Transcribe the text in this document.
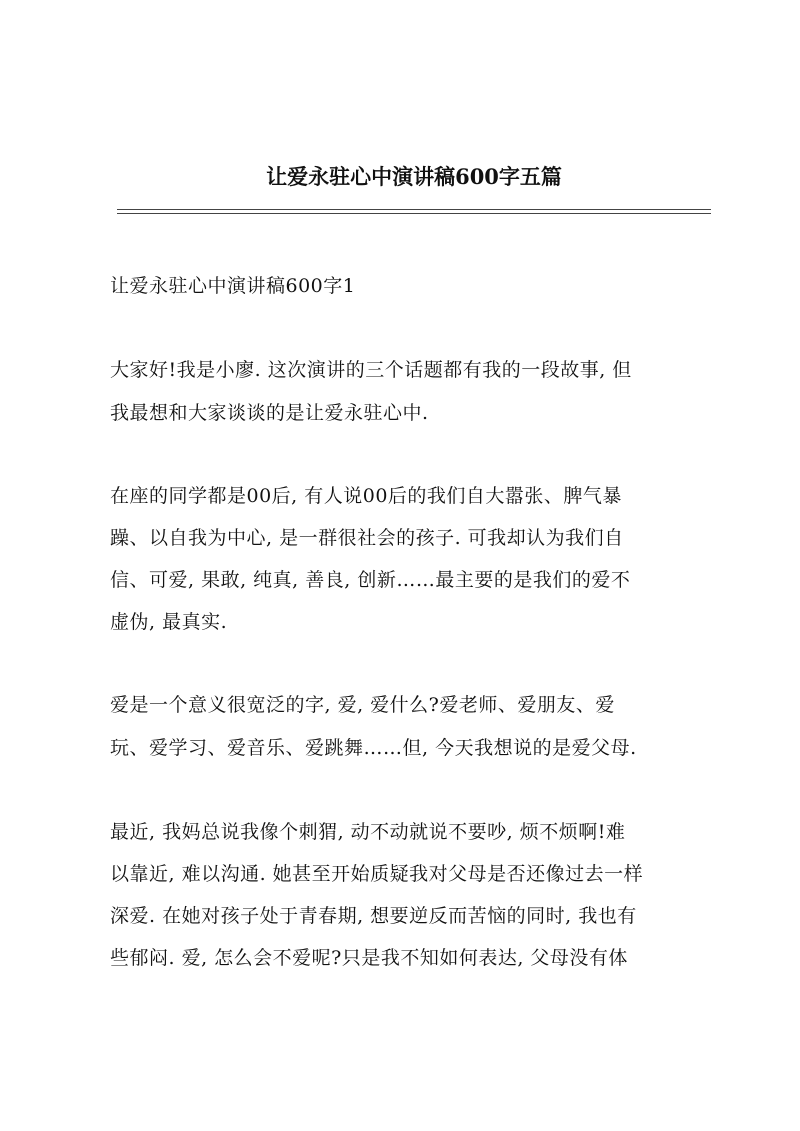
让爱永驻心中演讲稿600字五篇
让爱永驻心中演讲稿600字1
大家好!我是小廖. 这次演讲的三个话题都有我的一段故事, 但
我最想和大家谈谈的是让爱永驻心中.
在座的同学都是00后, 有人说00后的我们自大嚣张、脾气暴
躁、以自我为中心, 是一群很社会的孩子. 可我却认为我们自
信、可爱, 果敢, 纯真, 善良, 创新……最主要的是我们的爱不
虚伪, 最真实.
爱是一个意义很宽泛的字, 爱, 爱什么?爱老师、爱朋友、爱
玩、爱学习、爱音乐、爱跳舞……但, 今天我想说的是爱父母.
最近, 我妈总说我像个刺猬, 动不动就说不要吵, 烦不烦啊!难
以靠近, 难以沟通. 她甚至开始质疑我对父母是否还像过去一样
深爱. 在她对孩子处于青春期, 想要逆反而苦恼的同时, 我也有
些郁闷. 爱, 怎么会不爱呢?只是我不知如何表达, 父母没有体
